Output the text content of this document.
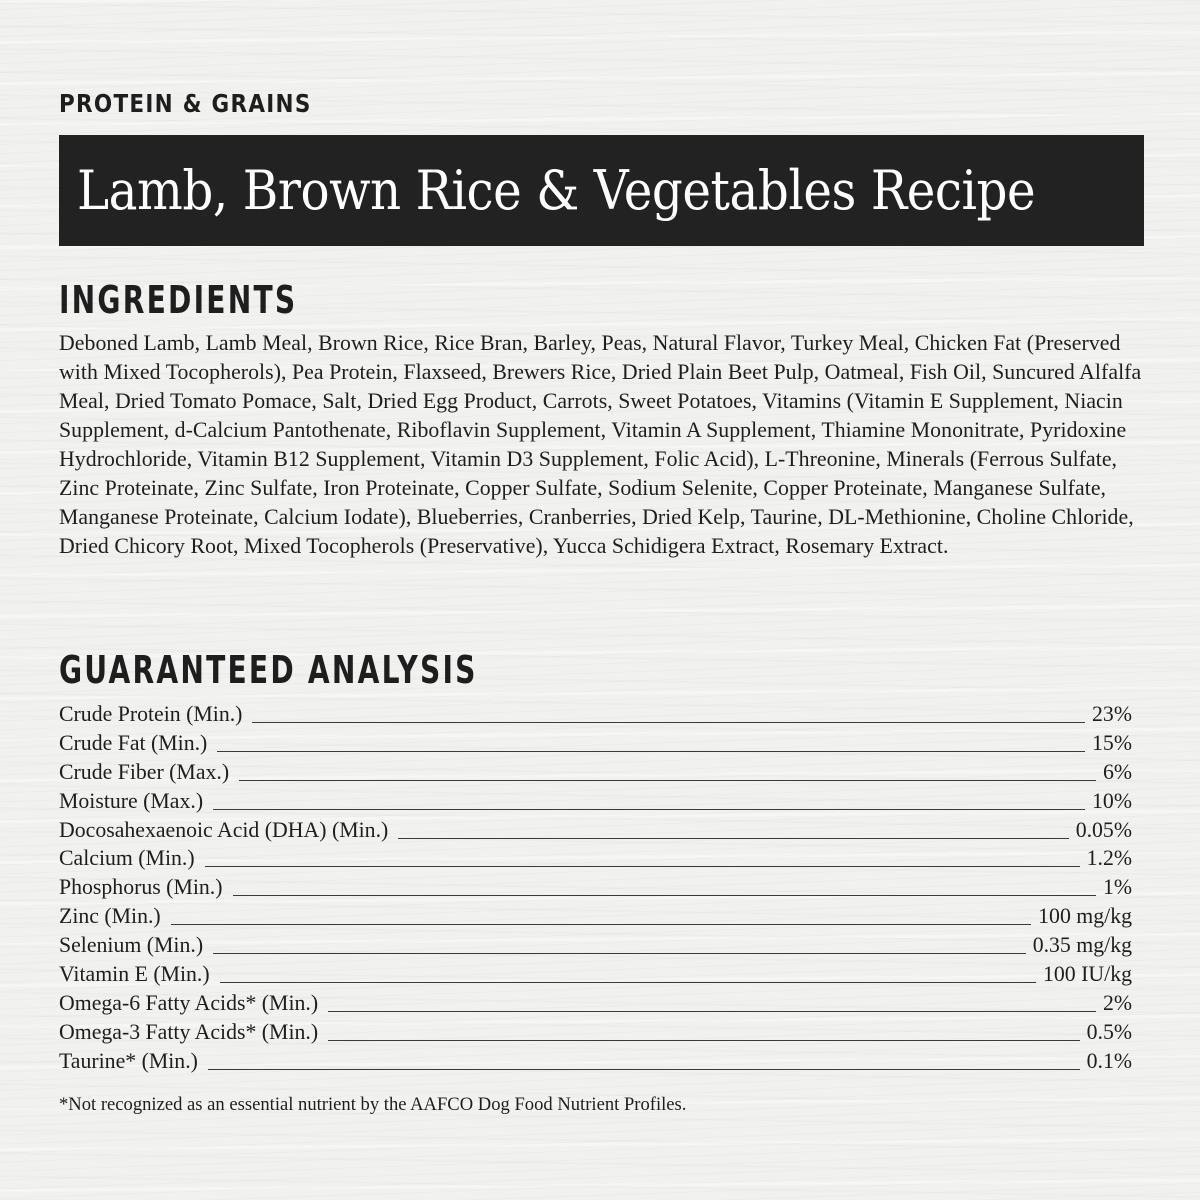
PROTEIN & GRAINS
Lamb, Brown Rice & Vegetables Recipe
INGREDIENTS
Deboned Lamb, Lamb Meal, Brown Rice, Rice Bran, Barley, Peas, Natural Flavor, Turkey Meal, Chicken Fat (Preserved with Mixed Tocopherols), Pea Protein, Flaxseed, Brewers Rice, Dried Plain Beet Pulp, Oatmeal, Fish Oil, Suncured Alfalfa Meal, Dried Tomato Pomace, Salt, Dried Egg Product, Carrots, Sweet Potatoes, Vitamins (Vitamin E Supplement, Niacin Supplement, d-Calcium Pantothenate, Riboflavin Supplement, Vitamin A Supplement, Thiamine Mononitrate, Pyridoxine Hydrochloride, Vitamin B12 Supplement, Vitamin D3 Supplement, Folic Acid), L-Threonine, Minerals (Ferrous Sulfate, Zinc Proteinate, Zinc Sulfate, Iron Proteinate, Copper Sulfate, Sodium Selenite, Copper Proteinate, Manganese Sulfate, Manganese Proteinate, Calcium Iodate), Blueberries, Cranberries, Dried Kelp, Taurine, DL-Methionine, Choline Chloride, Dried Chicory Root, Mixed Tocopherols (Preservative), Yucca Schidigera Extract, Rosemary Extract.
GUARANTEED ANALYSIS
Crude Protein (Min.)	23%
Crude Fat (Min.)	15%
Crude Fiber (Max.)	6%
Moisture (Max.)	10%
Docosahexaenoic Acid (DHA) (Min.)	0.05%
Calcium (Min.)	1.2%
Phosphorus (Min.)	1%
Zinc (Min.)	100 mg/kg
Selenium (Min.)	0.35 mg/kg
Vitamin E (Min.)	100 IU/kg
Omega-6 Fatty Acids* (Min.)	2%
Omega-3 Fatty Acids* (Min.)	0.5%
Taurine* (Min.)	0.1%
*Not recognized as an essential nutrient by the AAFCO Dog Food Nutrient Profiles.
